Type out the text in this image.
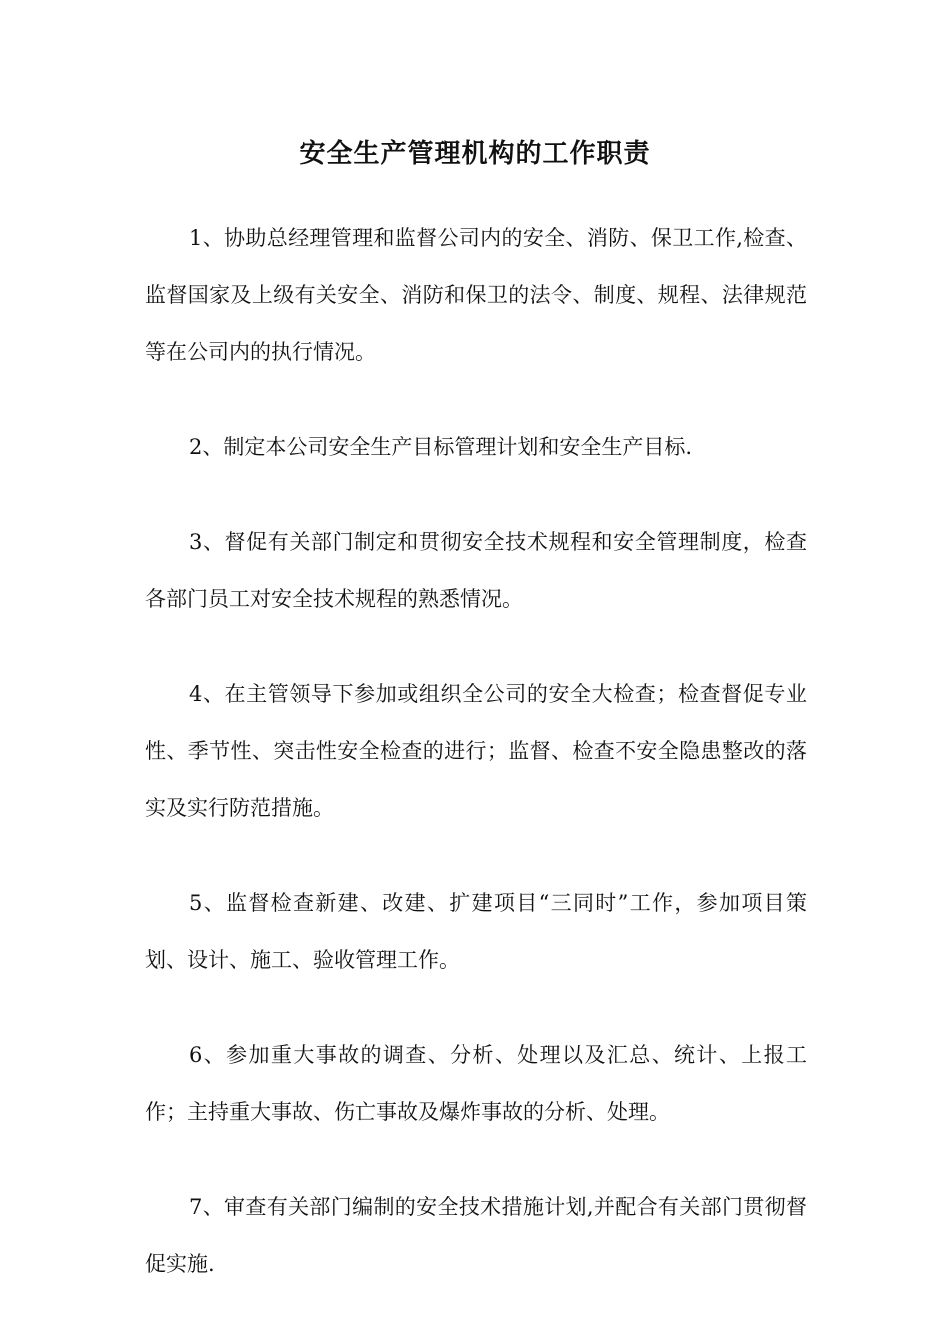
安全生产管理机构的工作职责

1、协助总经理管理和监督公司内的安全、消防、保卫工作,检查、监督国家及上级有关安全、消防和保卫的法令、制度、规程、法律规范等在公司内的执行情况。

2、制定本公司安全生产目标管理计划和安全生产目标.

3、督促有关部门制定和贯彻安全技术规程和安全管理制度，检查各部门员工对安全技术规程的熟悉情况。

4、在主管领导下参加或组织全公司的安全大检查；检查督促专业性、季节性、突击性安全检查的进行；监督、检查不安全隐患整改的落实及实行防范措施。

5、监督检查新建、改建、扩建项目“三同时”工作，参加项目策划、设计、施工、验收管理工作。

6、参加重大事故的调查、分析、处理以及汇总、统计、上报工作；主持重大事故、伤亡事故及爆炸事故的分析、处理。

7、审查有关部门编制的安全技术措施计划,并配合有关部门贯彻督促实施.
